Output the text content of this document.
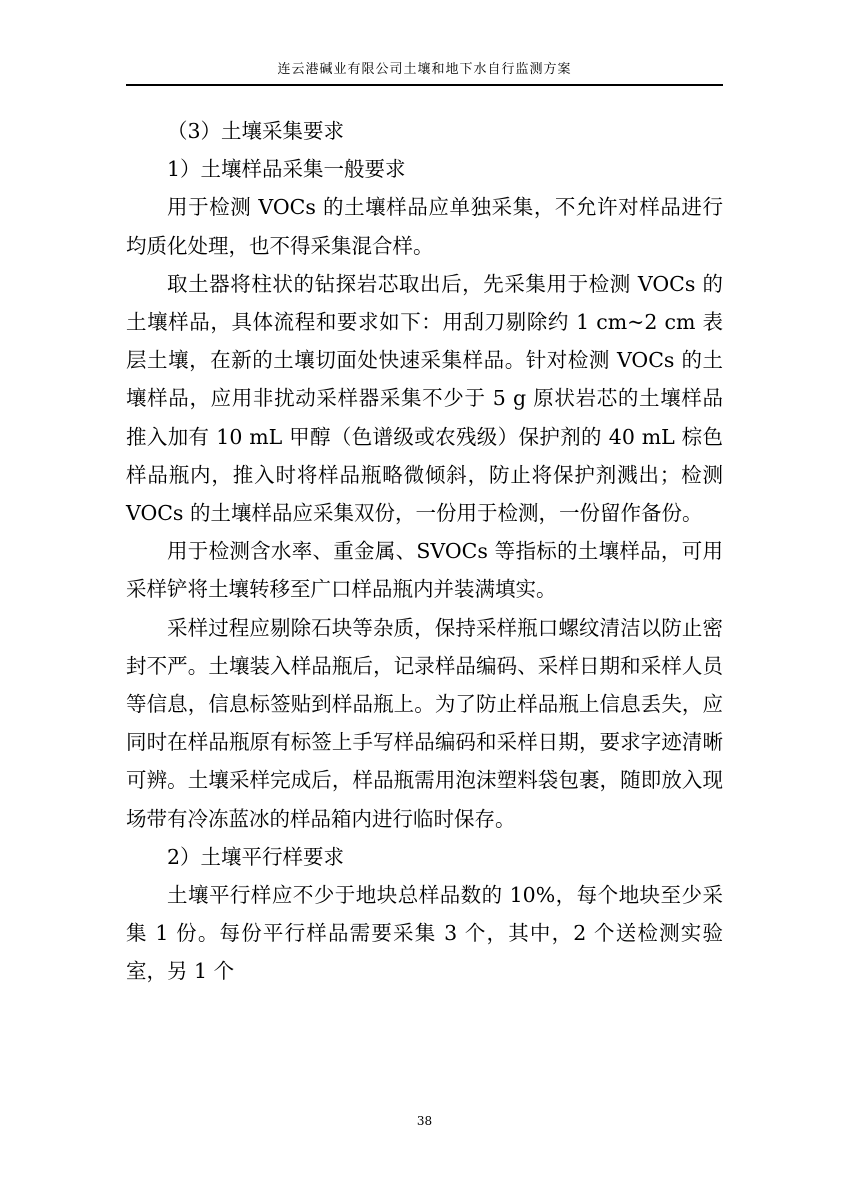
连云港碱业有限公司土壤和地下水自行监测方案

（3）土壤采集要求

1）土壤样品采集一般要求

用于检测 VOCs 的土壤样品应单独采集，不允许对样品进行均质化处理，也不得采集混合样。

取土器将柱状的钻探岩芯取出后，先采集用于检测 VOCs 的土壤样品，具体流程和要求如下：用刮刀剔除约 1 cm~2 cm 表层土壤，在新的土壤切面处快速采集样品。针对检测 VOCs 的土壤样品，应用非扰动采样器采集不少于 5 g 原状岩芯的土壤样品推入加有 10 mL 甲醇（色谱级或农残级）保护剂的 40 mL 棕色样品瓶内，推入时将样品瓶略微倾斜，防止将保护剂溅出；检测 VOCs 的土壤样品应采集双份，一份用于检测，一份留作备份。

用于检测含水率、重金属、SVOCs 等指标的土壤样品，可用采样铲将土壤转移至广口样品瓶内并装满填实。

采样过程应剔除石块等杂质，保持采样瓶口螺纹清洁以防止密封不严。土壤装入样品瓶后，记录样品编码、采样日期和采样人员等信息，信息标签贴到样品瓶上。为了防止样品瓶上信息丢失，应同时在样品瓶原有标签上手写样品编码和采样日期，要求字迹清晰可辨。土壤采样完成后，样品瓶需用泡沫塑料袋包裹，随即放入现场带有冷冻蓝冰的样品箱内进行临时保存。

2）土壤平行样要求

土壤平行样应不少于地块总样品数的 10%，每个地块至少采集 1 份。每份平行样品需要采集 3 个，其中，2 个送检测实验室，另 1 个

38
